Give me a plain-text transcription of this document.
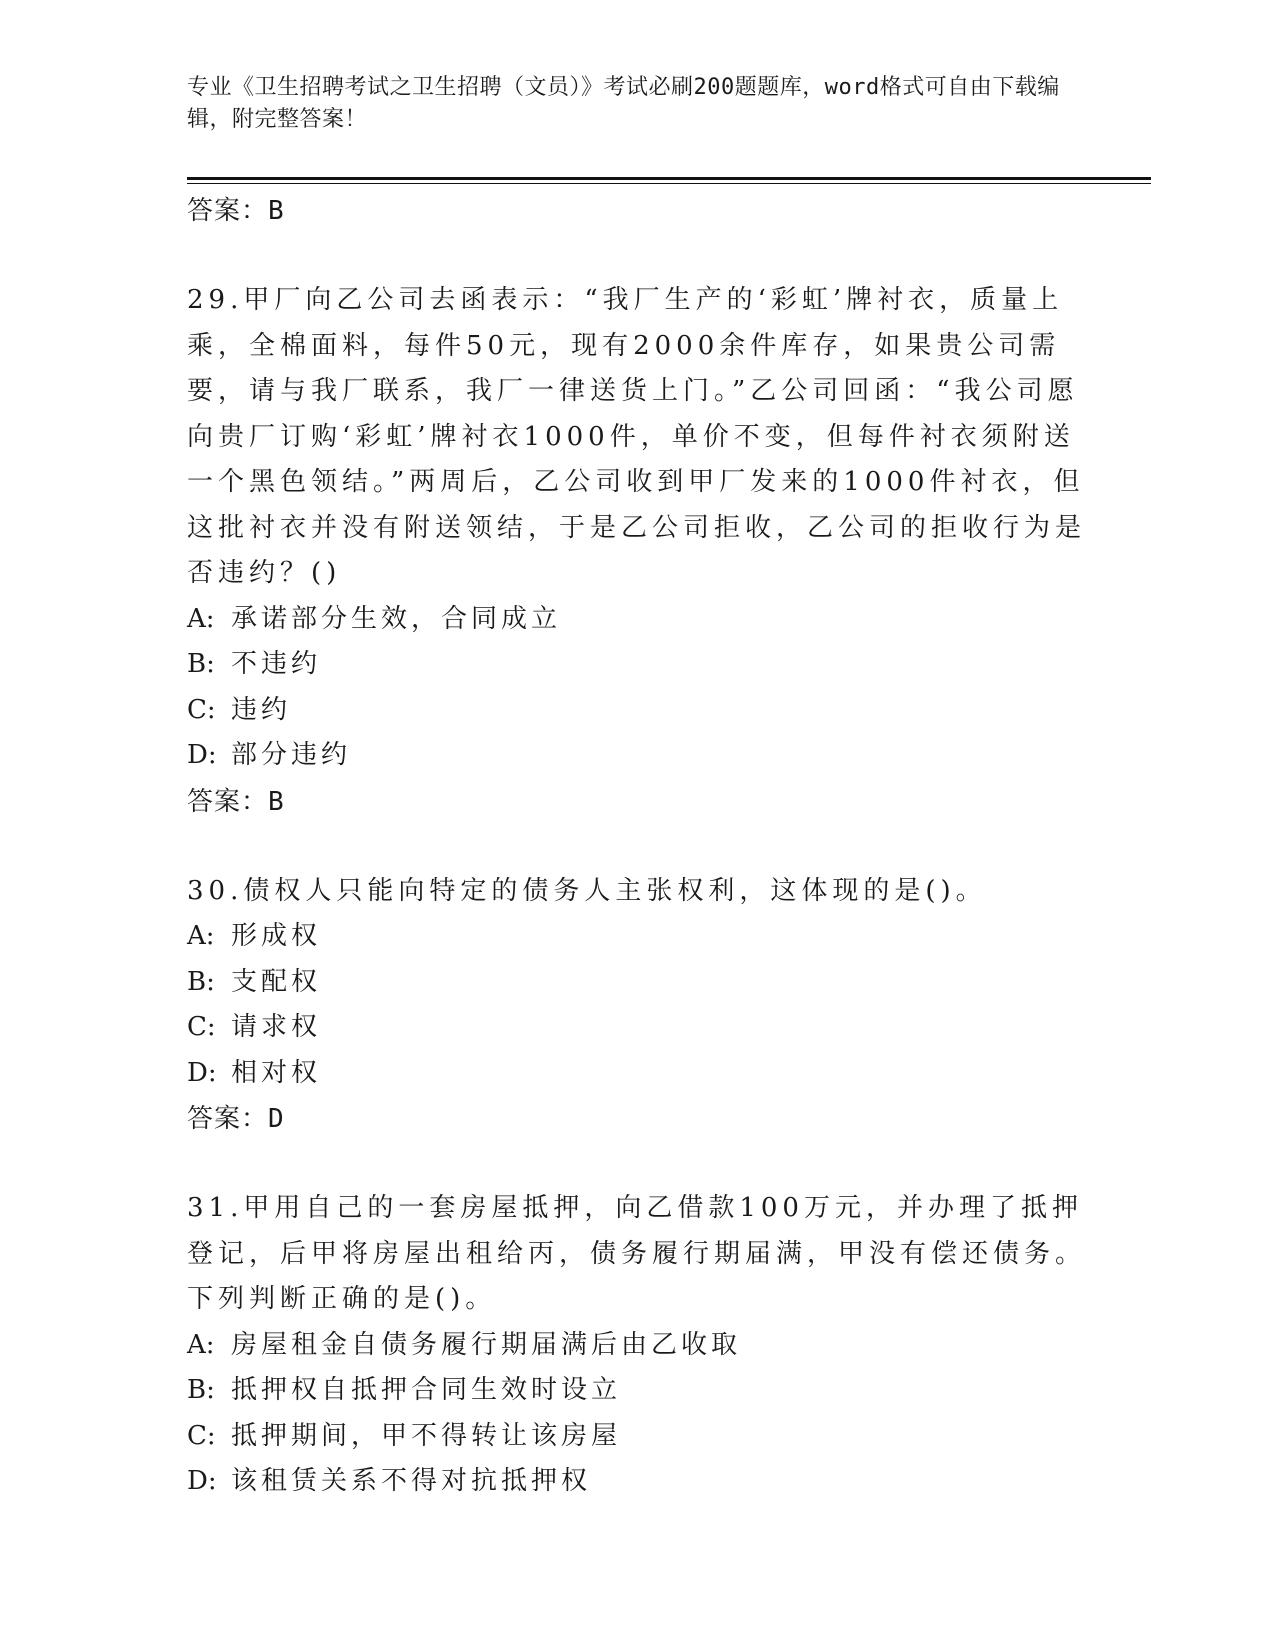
专业《卫生招聘考试之卫生招聘（文员）》考试必刷200题题库，word格式可自由下载编辑，附完整答案！
答案：B
29.甲厂向乙公司去函表示：“我厂生产的‘彩虹’牌衬衣，质量上乘，全棉面料，每件50元，现有2000余件库存，如果贵公司需要，请与我厂联系，我厂一律送货上门。”乙公司回函：“我公司愿向贵厂订购‘彩虹’牌衬衣1000件，单价不变，但每件衬衣须附送一个黑色领结。”两周后，乙公司收到甲厂发来的1000件衬衣，但这批衬衣并没有附送领结，于是乙公司拒收，乙公司的拒收行为是否违约？()
A: 承诺部分生效，合同成立
B: 不违约
C: 违约
D: 部分违约
答案：B
30.债权人只能向特定的债务人主张权利，这体现的是()。
A: 形成权
B: 支配权
C: 请求权
D: 相对权
答案：D
31.甲用自己的一套房屋抵押，向乙借款100万元，并办理了抵押登记，后甲将房屋出租给丙，债务履行期届满，甲没有偿还债务。下列判断正确的是()。
A: 房屋租金自债务履行期届满后由乙收取
B: 抵押权自抵押合同生效时设立
C: 抵押期间，甲不得转让该房屋
D: 该租赁关系不得对抗抵押权
